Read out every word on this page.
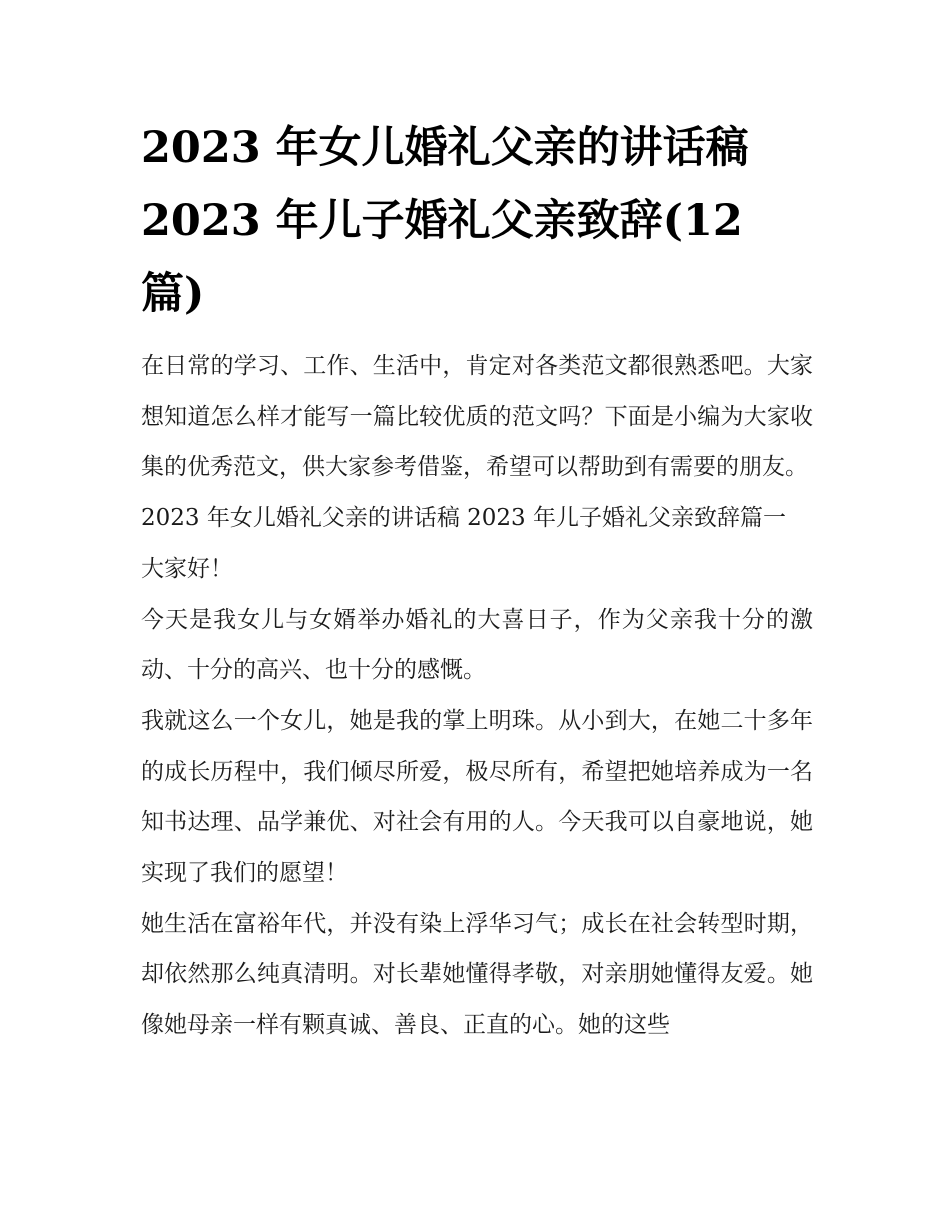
2023 年女儿婚礼父亲的讲话稿
2023 年儿子婚礼父亲致辞(12
篇)

在日常的学习、工作、生活中，肯定对各类范文都很熟悉吧。大家想知道怎么样才能写一篇比较优质的范文吗？下面是小编为大家收集的优秀范文，供大家参考借鉴，希望可以帮助到有需要的朋友。

2023 年女儿婚礼父亲的讲话稿 2023 年儿子婚礼父亲致辞篇一

大家好！

今天是我女儿与女婿举办婚礼的大喜日子，作为父亲我十分的激动、十分的高兴、也十分的感慨。

我就这么一个女儿，她是我的掌上明珠。从小到大，在她二十多年的成长历程中，我们倾尽所爱，极尽所有，希望把她培养成为一名知书达理、品学兼优、对社会有用的人。今天我可以自豪地说，她实现了我们的愿望！

她生活在富裕年代，并没有染上浮华习气；成长在社会转型时期，却依然那么纯真清明。对长辈她懂得孝敬，对亲朋她懂得友爱。她像她母亲一样有颗真诚、善良、正直的心。她的这些
